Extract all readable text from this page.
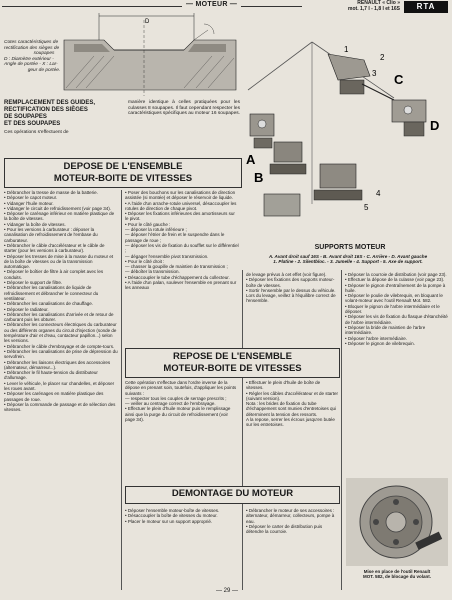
— MOTEUR —	RENAULT « Clio »
mot. 1,7 l - 1,8 l et 16S	RTA
D
Cotes caractéristiques de
rectification des sièges de
soupapes
D : Diamètre extérieur -
Angle de portée - X : Lar-
geur de portée.
REMPLACEMENT DES GUIDES,
RECTIFICATION DES SIÈGES
DE SOUPAPES
ET DES SOUPAPES
Ces opérations s'effectuent de
manière identique à celles pratiquées pour les culasses 8 soupapes. Il faut cependant respecter les caractéristiques spécifiques au moteur 16 soupapes.
A
B
C
D
1
2
3
4
5
SUPPORTS MOTEUR
A. Avant droit sauf 16S - B. Avant droit 16S - C. Arrière - D. Avant gauche
1. Platine - 2. Silentbloc. - 3. Jumelle - 4. Support - 5. Axe de support.
DEPOSE DE L'ENSEMBLE
MOTEUR-BOITE DE VITESSES

• Débrancher la tresse de masse de la batterie.

• Déposer le capot moteur.

• Vidanger l'huile moteur.

• Vidanger le circuit de refroidissement (voir page 34).

• Déposer le carénage inférieur en matière plastique de la boîte de vitesses.

• Vidanger la boîte de vitesses.

• Pour les versions à carburateur : déposer la canalisation de refroidissement de l'embase du carburateur.

• Débrancher le câble d'accélérateur et le câble de starter (pour les versions à carburateur).

• Déposer les tresses de mise à la masse du moteur et de la boîte de vitesses ou de la transmission automatique.

• Déposer le boîtier de filtre à air complet avec les conduits.

• Déposer le support de filtre.

• Débrancher les canalisations de liquide de refroidissement et débrancher le connecteur du ventilateur.

• Débrancher les canalisations de chauffage.

• Déposer le radiateur.

• Débrancher les canalisations d'arrivée et de retour de carburant puis les obturer.

• Débrancher les connecteurs électriques du carburateur ou des différents organes du circuit d'injection (sonde de température d'air et d'eau, contacteur papillon...) selon les versions.

• Débrancher le câble d'embrayage et de compte-tours.

• Débrancher les canalisations de prise de dépression du servofrein.

• Débrancher les liaisons électriques des accessoires (alternateur, démarreur...).

• Débrancher le fil haute-tension du distributeur d'allumage.

• Lever le véhicule, le placer sur chandelles, et déposer les roues avant.

• Déposer les carénages en matière plastique des passages de roue.

• Déposer la commande de passage et de sélection des vitesses.

• Poser des bouchons sur les canalisations de direction assistée (si montée) et déposer le réservoir de liquide.

• A l'aide d'un arrache-rotule universel, désaccoupler les rotules de direction de chaque pivot.

• Déposer les fixations inférieures des amortisseurs sur le pivot.

• Pour le côté gauche :

— déposer la rotule inférieure ;

— déposer l'étrier de frein et le suspendre dans le passage de roue ;

— déposer les vis de fixation du soufflet sur le différentiel ;

— dégager l'ensemble pivot transmission.

• Pour le côté droit :

— chasser la goupille de maintien de transmission ;

— déboîter la transmission.

• Désaccoupler le tube d'échappement du collecteur.

• A l'aide d'un palan, soulever l'ensemble en prenant sur les anneaux

de levage prévus à cet effet (voir figure).

• Déposer les fixations des supports moteur-boîte de vitesses.

• Sortir l'ensemble par le dessus du véhicule.

Lors du levage, veillez à l'équilibre correct de l'ensemble.

• Déposer la courroie de distribution (voir page 23).

• Effectuer la dépose de la culasse (voir page 23).

• Déposer le pignon d'entraînement de la pompe à huile.

• Déposer le poulie de vilebrequin, en bloquant le volant-moteur avec l'outil Renault Mot. 582.

• Bloquer le pignon de l'arbre intermédiaire et le déposer.

• Déposer les vis de fixation du flasque d'étanchéité de l'arbre intermédiaire.

• Déposer la bride de maintien de l'arbre intermédiaire.

• Déposer l'arbre intermédiaire.

• Déposer le pignon de vilebrequin.

REPOSE DE L'ENSEMBLE
MOTEUR-BOITE DE VITESSES

Cette opération s'effectue dans l'ordre inverse de la dépose en prenant soin, toutefois, d'appliquer les points suivants :

— respecter tous les couples de serrage prescrits ;

— veiller au centrage correct de l'embrayage.

• Effectuer le plein d'huile moteur puis le remplissage ainsi que la purge du circuit de refroidissement (voir page 34).

• Effectuer le plein d'huile de boîte de vitesses.

• Régler les câbles d'accélérateur et de starter (suivant version).

Nota : les brides de fixation du tube d'échappement sont munies d'entretoises qui déterminent la tension des ressorts.

A la repose, serrer les écrous jusqu'en butée sur les entretoises.

DEMONTAGE DU MOTEUR

• Déposer l'ensemble moteur-boîte de vitesses.

• Désaccoupler la boîte de vitesses du moteur.

• Placer le moteur sur un support approprié.

• Débrancher le moteur de ses accessoires : alternateur, démarreur, collecteurs, pompe à eau.

• Déposer le carter de distribution puis détendre la courroie.

Mise en place de l'outil Renault
MOT. 582, de blocage du volant.
— 29 —
